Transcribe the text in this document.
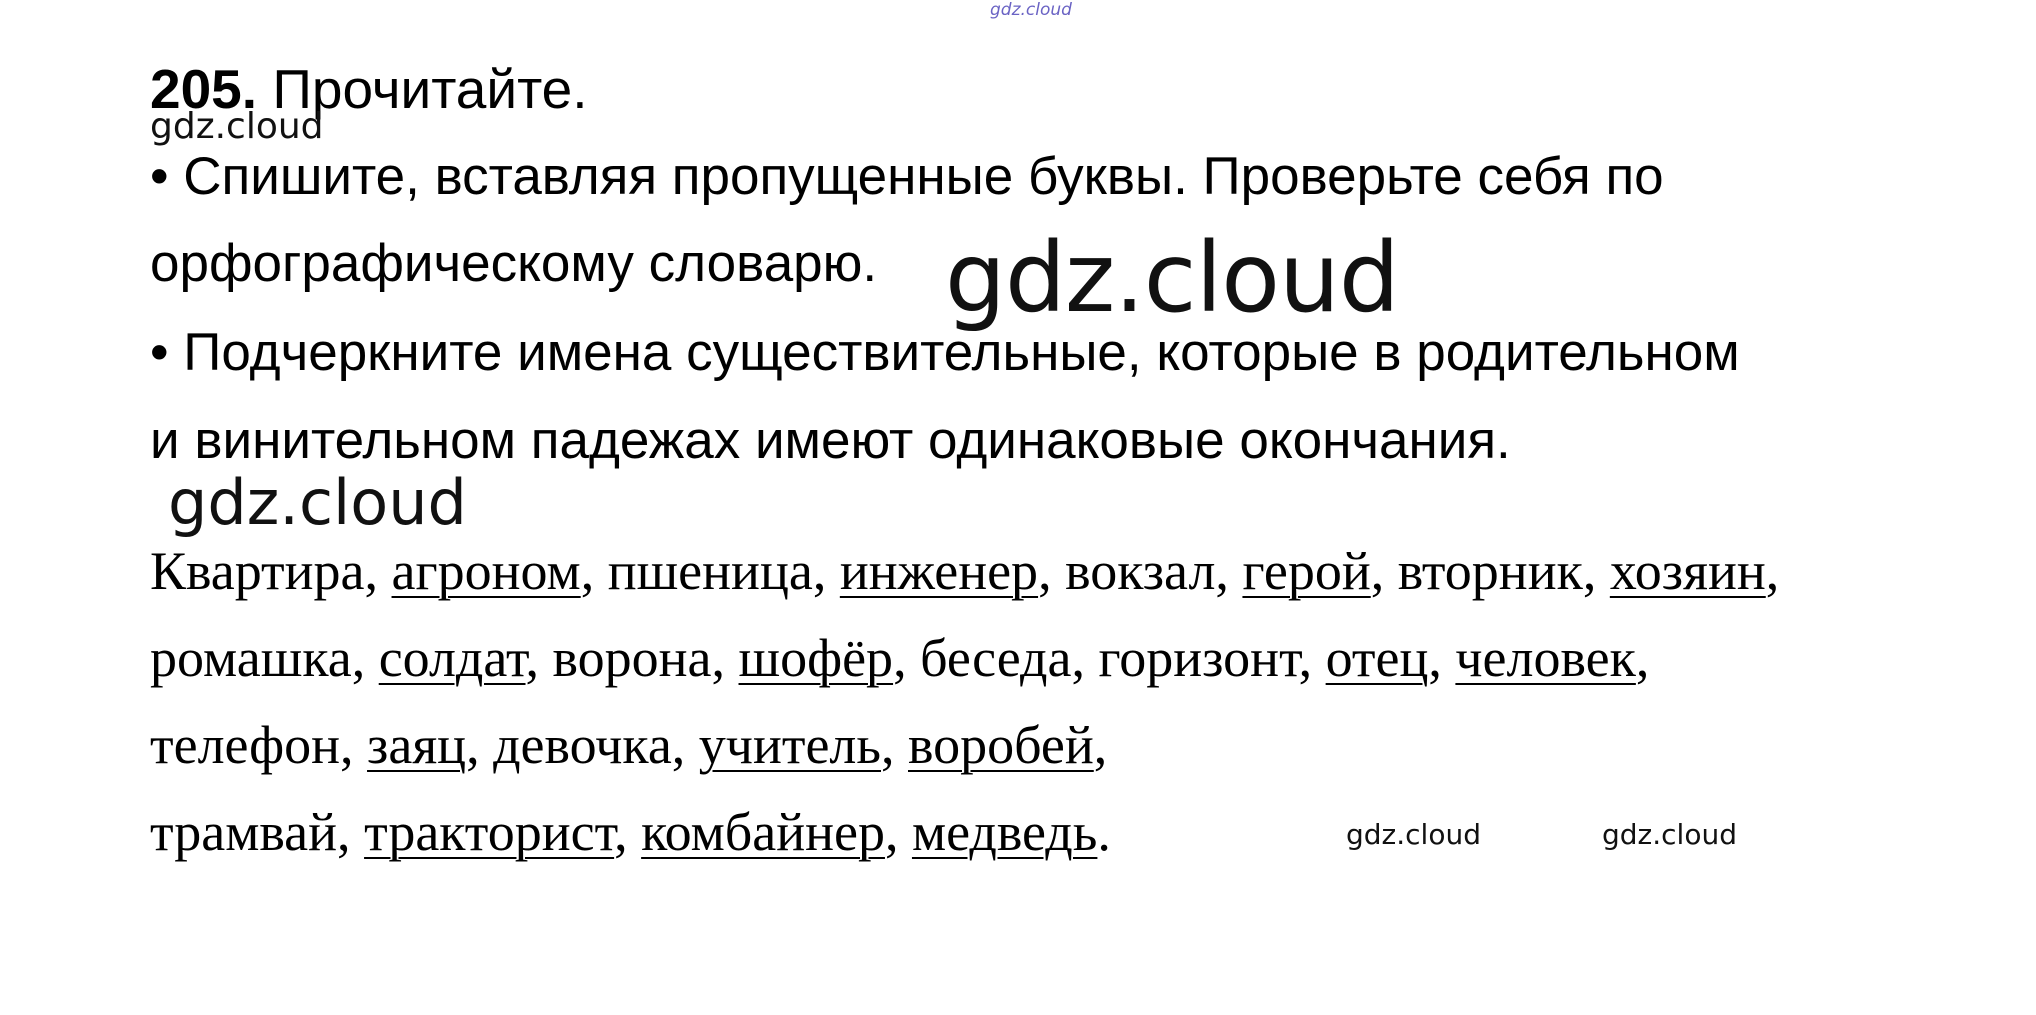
gdz.cloud
205. Прочитайте.
gdz.cloud
• Спишите, вставляя пропущенные буквы. Проверьте себя по
орфографическому словарю. gdz.cloud
• Подчеркните имена существительные, которые в родительном
и винительном падежах имеют одинаковые окончания.
gdz.cloud
Квартира, агроном, пшеница, инженер, вокзал, герой, вторник, хозяин,
ромашка, солдат, ворона, шофёр, беседа, горизонт, отец, человек,
телефон, заяц, девочка, учитель, воробей,
трамвай, тракторист, комбайнер, медведь.	gdz.cloud	gdz.cloud
